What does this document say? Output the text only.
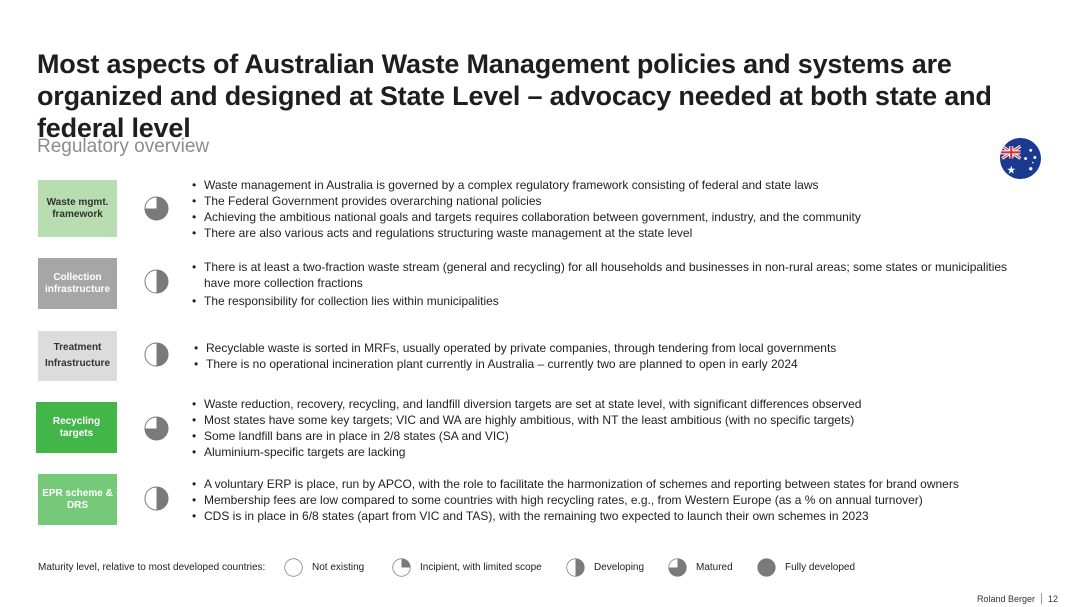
Most aspects of Australian Waste Management policies and systems are organized and designed at State Level – advocacy needed at both state and federal level
Regulatory overview
Waste mgmt. framework
• Waste management in Australia is governed by a complex regulatory framework consisting of federal and state laws
• The Federal Government provides overarching national policies
• Achieving the ambitious national goals and targets requires collaboration between government, industry, and the community
• There are also various acts and regulations structuring waste management at the state level
Collection infrastructure
• There is at least a two-fraction waste stream (general and recycling) for all households and businesses in non-rural areas; some states or municipalities have more collection fractions
• The responsibility for collection lies within municipalities
Treatment Infrastructure
• Recyclable waste is sorted in MRFs, usually operated by private companies, through tendering from local governments
• There is no operational incineration plant currently in Australia – currently two are planned to open in early 2024
Recycling targets
• Waste reduction, recovery, recycling, and landfill diversion targets are set at state level, with significant differences observed
• Most states have some key targets; VIC and WA are highly ambitious, with NT the least ambitious (with no specific targets)
• Some landfill bans are in place in 2/8 states (SA and VIC)
• Aluminium-specific targets are lacking
EPR scheme & DRS
• A voluntary ERP is place, run by APCO, with the role to facilitate the harmonization of schemes and reporting between states for brand owners
• Membership fees are low compared to some countries with high recycling rates, e.g., from Western Europe (as a % on annual turnover)
• CDS is in place in 6/8 states (apart from VIC and TAS), with the remaining two expected to launch their own schemes in 2023
Maturity level, relative to most developed countries:	Not existing	Incipient, with limited scope	Developing	Matured	Fully developed
Roland Berger 12
